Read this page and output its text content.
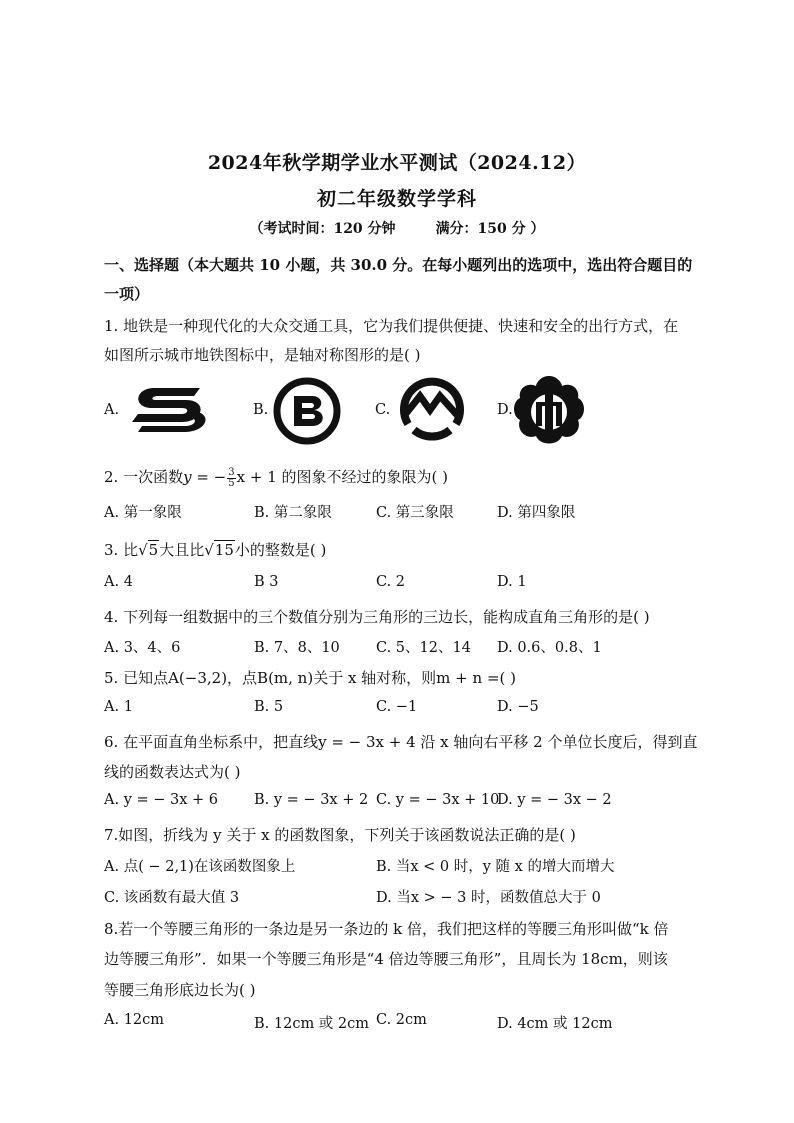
2024年秋学期学业水平测试（2024.12）
初二年级数学学科
（考试时间：120 分钟	满分：150 分 ）
一、选择题（本大题共 10 小题，共 30.0 分。在每小题列出的选项中，选出符合题目的
一项）
1. 地铁是一种现代化的大众交通工具，它为我们提供便捷、快速和安全的出行方式，在
如图所示城市地铁图标中，是轴对称图形的是( )
A.	B.	C.	D.
2. 一次函数y = − $\frac{3}{5}$ x + 1 的图象不经过的象限为( )
A. 第一象限	B. 第二象限	C. 第三象限	D. 第四象限
3. 比√5大且比√15小的整数是( )
A. 4	B 3	C. 2	D. 1
4. 下列每一组数据中的三个数值分别为三角形的三边长，能构成直角三角形的是( )
A. 3、4、6	B. 7、8、10 C. 5、12、14 D. 0.6、0.8、1
5. 已知点A(−3,2)，点B(m, n)关于 x 轴对称，则m + n =( )
A. 1	B. 5	C. −1	D. −5
6. 在平面直角坐标系中，把直线y = − 3x + 4 沿 x 轴向右平移 2 个单位长度后，得到直
线的函数表达式为( )
A. y = − 3x + 6 B. y = − 3x + 2 C. y = − 3x + 10
D. y = − 3x − 2
7.如图，折线为 y 关于 x 的函数图象，下列关于该函数说法正确的是( )
A. 点( − 2,1)在该函数图象上	B. 当x < 0 时，y 随 x 的增大而增大
C. 该函数有最大值 3	D. 当x > − 3 时，函数值总大于 0
8.若一个等腰三角形的一条边是另一条边的 k 倍，我们把这样的等腰三角形叫做“k 倍
边等腰三角形”．如果一个等腰三角形是“4 倍边等腰三角形”，且周长为 18cm，则该
等腰三角形底边长为( )
A. 12cm	B. 12cm 或 2cm C. 2cm	D. 4cm 或 12cm
